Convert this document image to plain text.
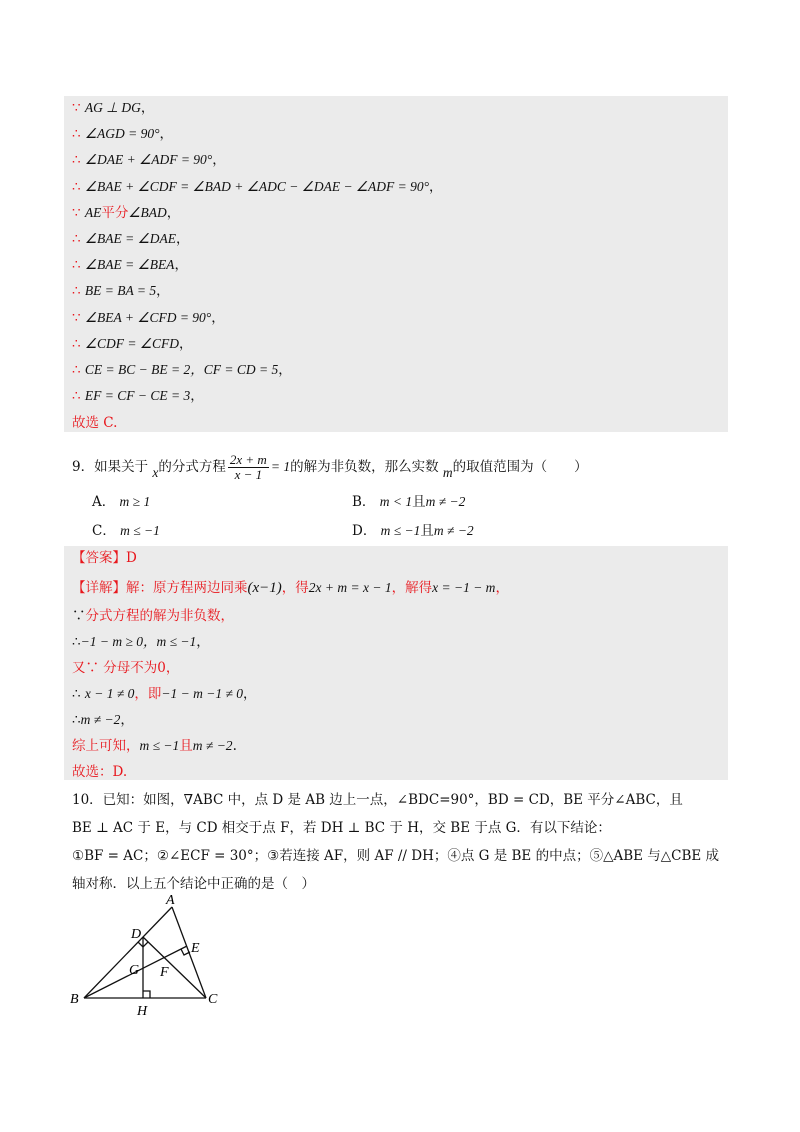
∵ AG ⊥ DG，
∴ ∠AGD = 90°，
∴ ∠DAE + ∠ADF = 90°，
∴ ∠BAE + ∠CDF = ∠BAD + ∠ADC − ∠DAE − ∠ADF = 90°，
∵ AE平分∠BAD，
∴ ∠BAE = ∠DAE，
∴ ∠BAE = ∠BEA，
∴ BE = BA = 5，
∵ ∠BEA + ∠CFD = 90°，
∴ ∠CDF = ∠CFD，
∴ CE = BC − BE = 2，CF = CD = 5，
∴ EF = CF − CE = 3，
故选 C.
9．如果关于 x的分式方程 $\frac{2x + m}{x - 1} = 1$的解为非负数，那么实数 m的取值范围为（　　）
A． m ≥ 1	B． m < 1且m ≠ −2
C． m ≤ −1	D． m ≤ −1且m ≠ −2
【答案】D
【详解】解：原方程两边同乘(x−1)，得2x + m = x − 1，解得x = −1 − m，
∵分式方程的解为非负数，
∴−1 − m ≥ 0，m ≤ −1，
又∵ 分母不为0，
∴ x − 1 ≠ 0，即−1 − m −1 ≠ 0，
∴m ≠ −2，
综上可知，m ≤ −1且m ≠ −2.
故选：D.
10．已知：如图，∇ABC 中，点 D 是 AB 边上一点，∠BDC=90°，BD = CD，BE 平分∠ABC，且
BE ⊥ AC 于 E，与 CD 相交于点 F，若 DH ⊥ BC 于 H，交 BE 于点 G．有以下结论：
①BF = AC；②∠ECF = 30°；③若连接 AF，则 AF // DH；④点 G 是 BE 的中点；⑤△ABE 与△CBE 成
轴对称．以上五个结论中正确的是（　）
A
D
E
G F
B	C
H
